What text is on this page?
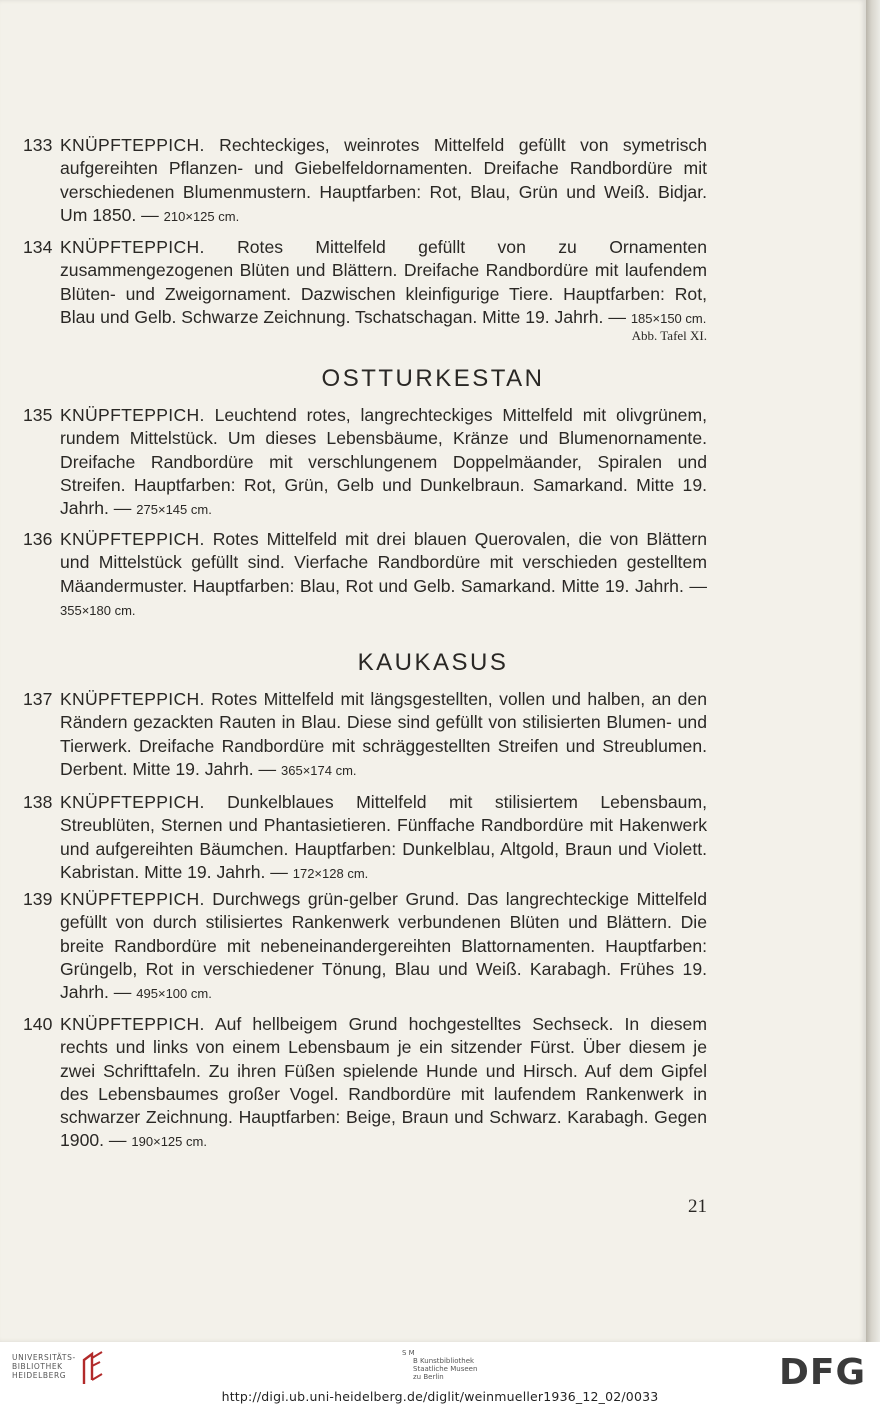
133 KNÜPFTEPPICH. Rechteckiges, weinrotes Mittelfeld gefüllt von symetrisch aufgereihten Pflanzen- und Giebelfeldornamenten. Dreifache Randbordüre mit verschiedenen Blumenmustern. Hauptfarben: Rot, Blau, Grün und Weiß. Bidjar. Um 1850. — 210×125 cm.
134 KNÜPFTEPPICH. Rotes Mittelfeld gefüllt von zu Ornamenten zusammengezogenen Blüten und Blättern. Dreifache Randbordüre mit laufendem Blüten- und Zweigornament. Dazwischen kleinfigurige Tiere. Hauptfarben: Rot, Blau und Gelb. Schwarze Zeichnung. Tschatschagan. Mitte 19. Jahrh. — 185×150 cm.
Abb. Tafel XI.
OSTTURKESTAN
135 KNÜPFTEPPICH. Leuchtend rotes, langrechteckiges Mittelfeld mit olivgrünem, rundem Mittelstück. Um dieses Lebensbäume, Kränze und Blumenornamente. Dreifache Randbordüre mit verschlungenem Doppelmäander, Spiralen und Streifen. Hauptfarben: Rot, Grün, Gelb und Dunkelbraun. Samarkand. Mitte 19. Jahrh. — 275×145 cm.
136 KNÜPFTEPPICH. Rotes Mittelfeld mit drei blauen Querovalen, die von Blättern und Mittelstück gefüllt sind. Vierfache Randbordüre mit verschieden gestelltem Mäandermuster. Hauptfarben: Blau, Rot und Gelb. Samarkand. Mitte 19. Jahrh. — 355×180 cm.
KAUKASUS
137 KNÜPFTEPPICH. Rotes Mittelfeld mit längsgestellten, vollen und halben, an den Rändern gezackten Rauten in Blau. Diese sind gefüllt von stilisierten Blumen- und Tierwerk. Dreifache Randbordüre mit schräggestellten Streifen und Streublumen. Derbent. Mitte 19. Jahrh. — 365×174 cm.
138 KNÜPFTEPPICH. Dunkelblaues Mittelfeld mit stilisiertem Lebensbaum, Streublüten, Sternen und Phantasietieren. Fünffache Randbordüre mit Hakenwerk und aufgereihten Bäumchen. Hauptfarben: Dunkelblau, Altgold, Braun und Violett. Kabristan. Mitte 19. Jahrh. — 172×128 cm.
139 KNÜPFTEPPICH. Durchwegs grün-gelber Grund. Das langrechteckige Mittelfeld gefüllt von durch stilisiertes Rankenwerk verbundenen Blüten und Blättern. Die breite Randbordüre mit nebeneinandergereihten Blattornamenten. Hauptfarben: Grüngelb, Rot in verschiedener Tönung, Blau und Weiß. Karabagh. Frühes 19. Jahrh. — 495×100 cm.
140 KNÜPFTEPPICH. Auf hellbeigem Grund hochgestelltes Sechseck. In diesem rechts und links von einem Lebensbaum je ein sitzender Fürst. Über diesem je zwei Schrifttafeln. Zu ihren Füßen spielende Hunde und Hirsch. Auf dem Gipfel des Lebensbaumes großer Vogel. Randbordüre mit laufendem Rankenwerk in schwarzer Zeichnung. Hauptfarben: Beige, Braun und Schwarz. Karabagh. Gegen 1900. — 190×125 cm.
21
UNIVERSITÄTS-
BIBLIOTHEK
HEIDELBERG
S M
B Kunstbibliothek
Staatliche Museen
zu Berlin	DFG
http://digi.ub.uni-heidelberg.de/diglit/weinmueller1936_12_02/0033
